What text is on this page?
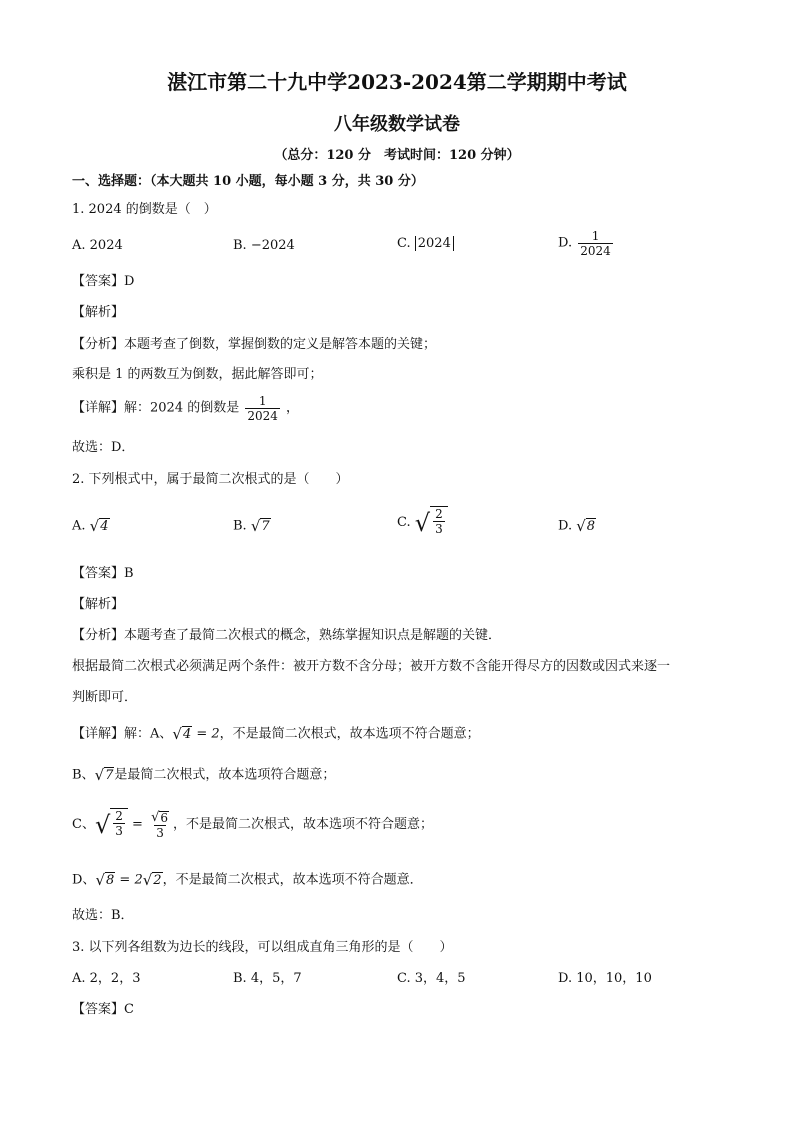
湛江市第二十九中学2023-2024第二学期期中考试
八年级数学试卷
（总分：120 分　考试时间：120 分钟）
一、选择题：（本大题共 10 小题，每小题 3 分，共 30 分）
1. 2024 的倒数是（　）
A. 2024	B. −2024	C. 2024	D. $\frac{1}{2024}$
【答案】D
【解析】
【分析】本题考查了倒数，掌握倒数的定义是解答本题的关键；
乘积是 1 的两数互为倒数，据此解答即可；
【详解】解：2024 的倒数是 $\frac{1}{2024}$ ，
故选：D．
2. 下列根式中，属于最简二次根式的是（　　）
A. √ 4	B. √ 7	C. √ $\frac{2}{3}$	D. √ 8
【答案】B
【解析】
【分析】本题考查了最简二次根式的概念，熟练掌握知识点是解题的关键．
根据最简二次根式必须满足两个条件：被开方数不含分母；被开方数不含能开得尽方的因数或因式来逐一
判断即可．
【详解】解：A、 √ 4 = 2，不是最简二次根式，故本选项不符合题意；
B、 √ 7 是最简二次根式，故本选项符合题意；
C、 √ $\frac{2}{3} = \frac{√ 6}{3}$ ，不是最简二次根式，故本选项不符合题意；
D、 √ 8 = 2 √ 2 ，不是最简二次根式，故本选项不符合题意．
故选：B．
3. 以下列各组数为边长的线段，可以组成直角三角形的是（　　）
A. 2，2，3	B. 4，5，7	C. 3，4，5	D. 10，10，10
【答案】C
